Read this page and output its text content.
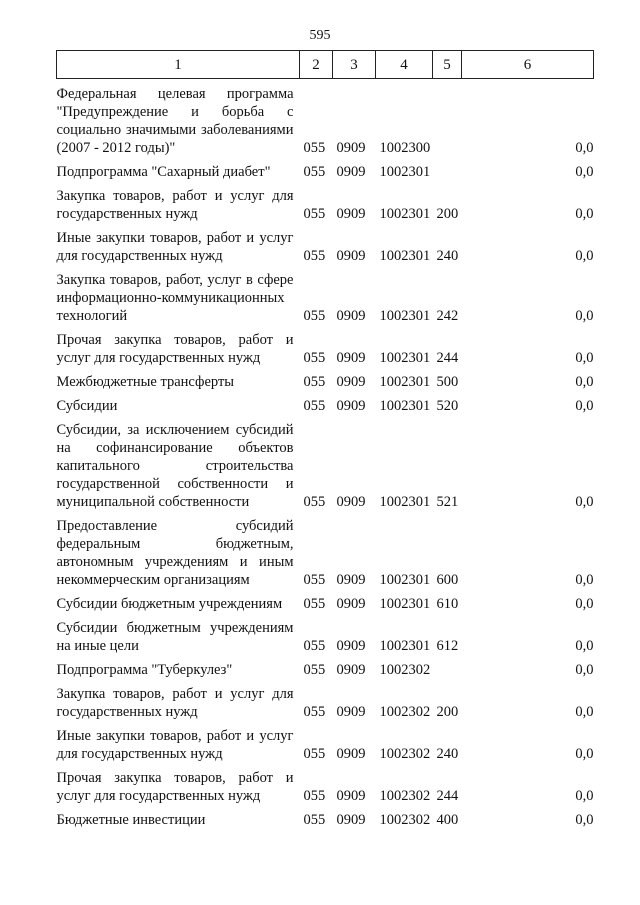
595
1	2	3	4	5	6
Федеральная целевая программа "Предупреждение и борьба с социально значимыми заболеваниями (2007 - 2012 годы)"	055	0909	1002300		0,0
Подпрограмма "Сахарный диабет"	055	0909	1002301		0,0
Закупка товаров, работ и услуг для государственных нужд	055	0909	1002301	200	0,0
Иные закупки товаров, работ и услуг для государственных нужд	055	0909	1002301	240	0,0
Закупка товаров, работ, услуг в сфере информационно-коммуникационных технологий	055	0909	1002301	242	0,0
Прочая закупка товаров, работ и услуг для государственных нужд	055	0909	1002301	244	0,0
Межбюджетные трансферты	055	0909	1002301	500	0,0
Субсидии	055	0909	1002301	520	0,0
Субсидии, за исключением субсидий на софинансирование объектов капитального строительства государственной собственности и муниципальной собственности	055	0909	1002301	521	0,0
Предоставление субсидий федеральным бюджетным, автономным учреждениям и иным некоммерческим организациям	055	0909	1002301	600	0,0
Субсидии бюджетным учреждениям	055	0909	1002301	610	0,0
Субсидии бюджетным учреждениям на иные цели	055	0909	1002301	612	0,0
Подпрограмма "Туберкулез"	055	0909	1002302		0,0
Закупка товаров, работ и услуг для государственных нужд	055	0909	1002302	200	0,0
Иные закупки товаров, работ и услуг для государственных нужд	055	0909	1002302	240	0,0
Прочая закупка товаров, работ и услуг для государственных нужд	055	0909	1002302	244	0,0
Бюджетные инвестиции	055	0909	1002302	400	0,0
